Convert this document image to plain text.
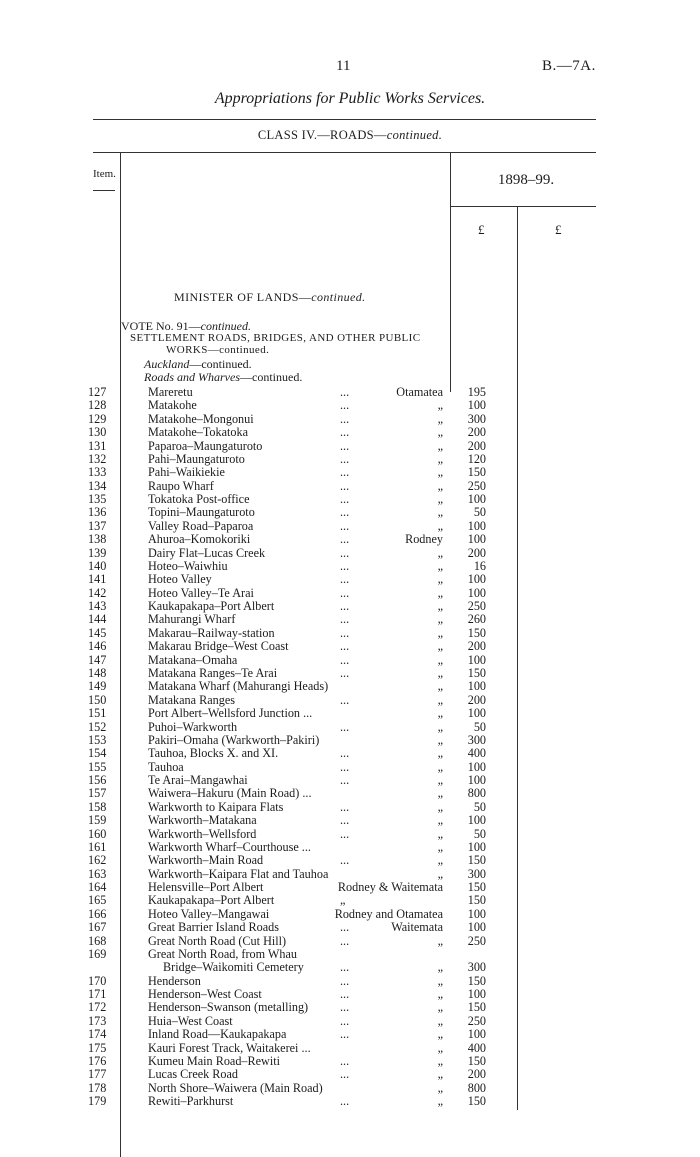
11	B.—7A.
Appropriations for Public Works Services.
CLASS IV.—ROADS—continued.
Item.	1898–99.
£	£
MINISTER OF LANDS—continued.
VOTE No. 91—continued.
SETTLEMENT ROADS, BRIDGES, AND OTHER PUBLIC
WORKS—continued.
Auckland—continued.
Roads and Wharves—continued.
127	Mareretu	...	Otamatea 195
128	Matakohe	...	„ 100
129	Matakohe–Mongonui	...	„ 300
130	Matakohe–Tokatoka	...	„ 200
131	Paparoa–Maungaturoto	...	„ 200
132	Pahi–Maungaturoto	...	„ 120
133	Pahi–Waikiekie	...	„ 150
134	Raupo Wharf	...	„ 250
135	Tokatoka Post-office	...	„ 100
136	Topini–Maungaturoto	...	„	50
137	Valley Road–Paparoa	...	„ 100
138	Ahuroa–Komokoriki	...	Rodney 100
139	Dairy Flat–Lucas Creek	...	„ 200
140	Hoteo–Waiwhiu	...	„	16
141	Hoteo Valley	...	„ 100
142	Hoteo Valley–Te Arai	...	„ 100
143	Kaukapakapa–Port Albert	...	„ 250
144	Mahurangi Wharf	...	„ 260
145	Makarau–Railway-station	...	„ 150
146	Makarau Bridge–West Coast	...	„ 200
147	Matakana–Omaha	...	„ 100
148	Matakana Ranges–Te Arai	...	„ 150
149	Matakana Wharf (Mahurangi Heads)	„ 100
150	Matakana Ranges	...	„ 200
151	Port Albert–Wellsford Junction ...	„ 100
152	Puhoi–Warkworth	...	„	50
153	Pakiri–Omaha (Warkworth–Pakiri)	„ 300
154	Tauhoa, Blocks X. and XI.	...	„ 400
155	Tauhoa	...	„ 100
156	Te Arai–Mangawhai	...	„ 100
157	Waiwera–Hakuru (Main Road) ...	„ 800
158	Warkworth to Kaipara Flats	...	„	50
159	Warkworth–Matakana	...	„ 100
160	Warkworth–Wellsford	...	„	50
161	Warkworth Wharf–Courthouse ...	„ 100
162	Warkworth–Main Road	...	„ 150
163	Warkworth–Kaipara Flat and Tauhoa	„ 300
164	Helensville–Port Albert	Rodney & Waitemata 150
165	Kaukapakapa–Port Albert	„	150
166	Hoteo Valley–Mangawai	Rodney and Otamatea 100
167	Great Barrier Island Roads	...	Waitemata 100
168	Great North Road (Cut Hill)	...	„ 250
169	Great North Road, from Whau
Bridge–Waikomiti Cemetery	...	„ 300
170	Henderson	...	„ 150
171	Henderson–West Coast	...	„ 100
172	Henderson–Swanson (metalling)	...	„ 150
173	Huia–West Coast	...	„ 250
174	Inland Road—Kaukapakapa	...	„ 100
175	Kauri Forest Track, Waitakerei ...	„ 400
176	Kumeu Main Road–Rewiti	...	„ 150
177	Lucas Creek Road	...	„ 200
178	North Shore–Waiwera (Main Road)	„ 800
179	Rewiti–Parkhurst	...	„ 150
